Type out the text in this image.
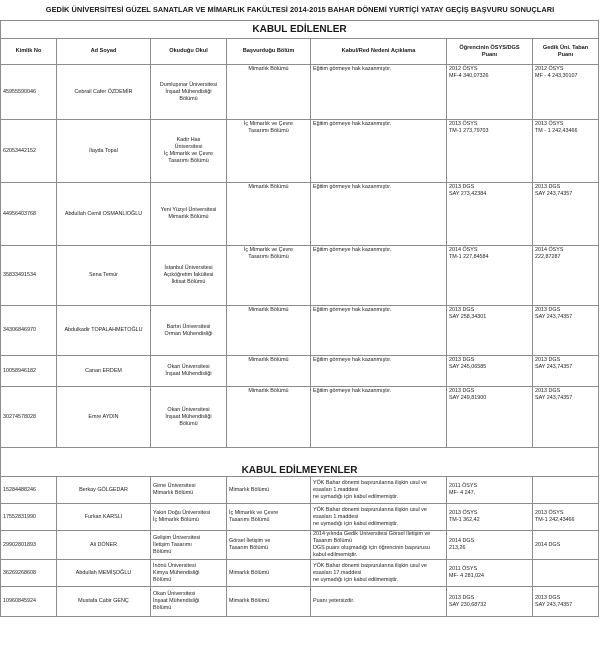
GEDİK ÜNİVERSİTESİ GÜZEL SANATLAR VE MİMARLIK FAKÜLTESİ 2014-2015 BAHAR DÖNEMİ YURTİÇİ YATAY GEÇİŞ BAŞVURU SONUÇLARI
KABUL EDİLENLER						
Kimlik No	Ad Soyad	Okuduğu Okul	Başvurduğu Bölüm	Kabul/Red Nedeni Açıklama	Öğrencinin ÖSYS/DGS
Puanı	Gedik Üni. Taban
Puanı
45955590046	Cebrail Cafer ÖZDEMİR	Dumlupınar Üniversitesi
İnşaat Mühendisliği
Bölümü	Mimarlık Bölümü	Eğitim görmeye hak kazanmıştır.	2012 ÖSYS
MF-4 340,07326	2012 ÖSYS
MF - 4 243,30107
62053442152	İlayda Topal	Kadir Has
Üniversitesi
İç Mimarlık ve Çevre
Tasarımı Bölümü	İç Mimarlık ve Çevre
Tasarımı Bölümü	Eğitim görmeye hak kazanmıştır.	2013 ÖSYS
TM-1 273,79703	2013 ÖSYS
TM - 1 242,43466
44956403768	Abdullah Cemil OSMANLIOĞLU	Yeni Yüzyıl Üniversitesi
Mimarlık Bölümü	Mimarlık Bölümü	Eğitim görmeye hak kazanmıştır.	2013 DGS
SAY 273,42384	2013 DGS
SAY 243,74357
35833491534	Sena Temür	İstanbul Üniversitesi
Açıköğretim fakültesi
İktisat Bölümü	İç Mimarlık ve Çevre
Tasarımı Bölümü	Eğitim görmeye hak kazanmıştır.	2014 ÖSYS
TM-1 227,84584	2014 ÖSYS
222,87287
34306846970	Abdulkadir TOPALAHMETOĞLU	Bartın Üniversitesi
Orman Mühendisliği	Mimarlık Bölümü	Eğitim görmeye hak kazanmıştır.	2013 DGS
SAY 258,34301	2013 DGS
SAY 243,74357
10058946182	Canan ERDEM	Okan Üniversitesi
İnşaat Mühendisliği	Mimarlık Bölümü	Eğitim görmeye hak kazanmıştır.	2013 DGS
SAY 245,06585	2013 DGS
SAY 243,74357
30274578028	Emre AYDIN	Okan Üniversitesi
İnşaat Mühendisliği
Bölümü	Mimarlık Bölümü	Eğitim görmeye hak kazanmıştır.	2013 DGS
SAY 249,81900	2013 DGS
SAY 243,74357
KABUL EDİLMEYENLER						
15284488246	Berkay GÖLGEDAR	Girne Üniversitesi
Mimarlık Bölümü	Mimarlık Bölümü	YÖK Bahar dönemi başvurularına ilişkin usul ve
esasları 1.maddesi
ne uymadığı için kabul edilmemiştir.	2011 ÖSYS
MF- 4 247,	
17552831990	Furkan KARSLI	Yakın Doğu Üniversitesi
İç Mimarlık Bölümü	İç Mimarlık ve Çevre
Tasarımı Bölümü	YÖK Bahar dönemi başvurularına ilişkin usul ve
esasları 1.maddesi
ne uymadığı için kabul edilmemiştir.	2013 ÖSYS
TM-1 362,42	2013 ÖSYS
TM-1 242,43466
29902801893	Ali DÖNER	Gelişim Üniversitesi
İletişim Tasarımı
Bölümü	Görsel İletişim ve
Tasarım Bölümü	2014 yılında Gedik Üniversitesi Görsel İletişim ve
Tasarım Bölümü
DGS puanı oluşmadığı için öğrencinin başvurusu
kabul edilmemiştir.	2014 DGS
213,26	2014 DGS
36269268608	Abdullah MEMİŞOĞLU	İnönü Üniversitesi
Kimya Mühendisliği
Bölümü	Mimarlık Bölümü	YÖK Bahar dönemi başvurularına ilişkin usul ve
esasları 17.maddesi
ne uymadığı için kabul edilmemiştir.	2011 ÖSYS
MF- 4 281,024	
10960845924	Mustafa Cabir GENÇ	Okan Üniversitesi
İnşaat Mühendisliği
Bölümü	Mimarlık Bölümü	Puanı yetersizdir.	2013 DGS
SAY 230,68732	2013 DGS
SAY 243,74357
